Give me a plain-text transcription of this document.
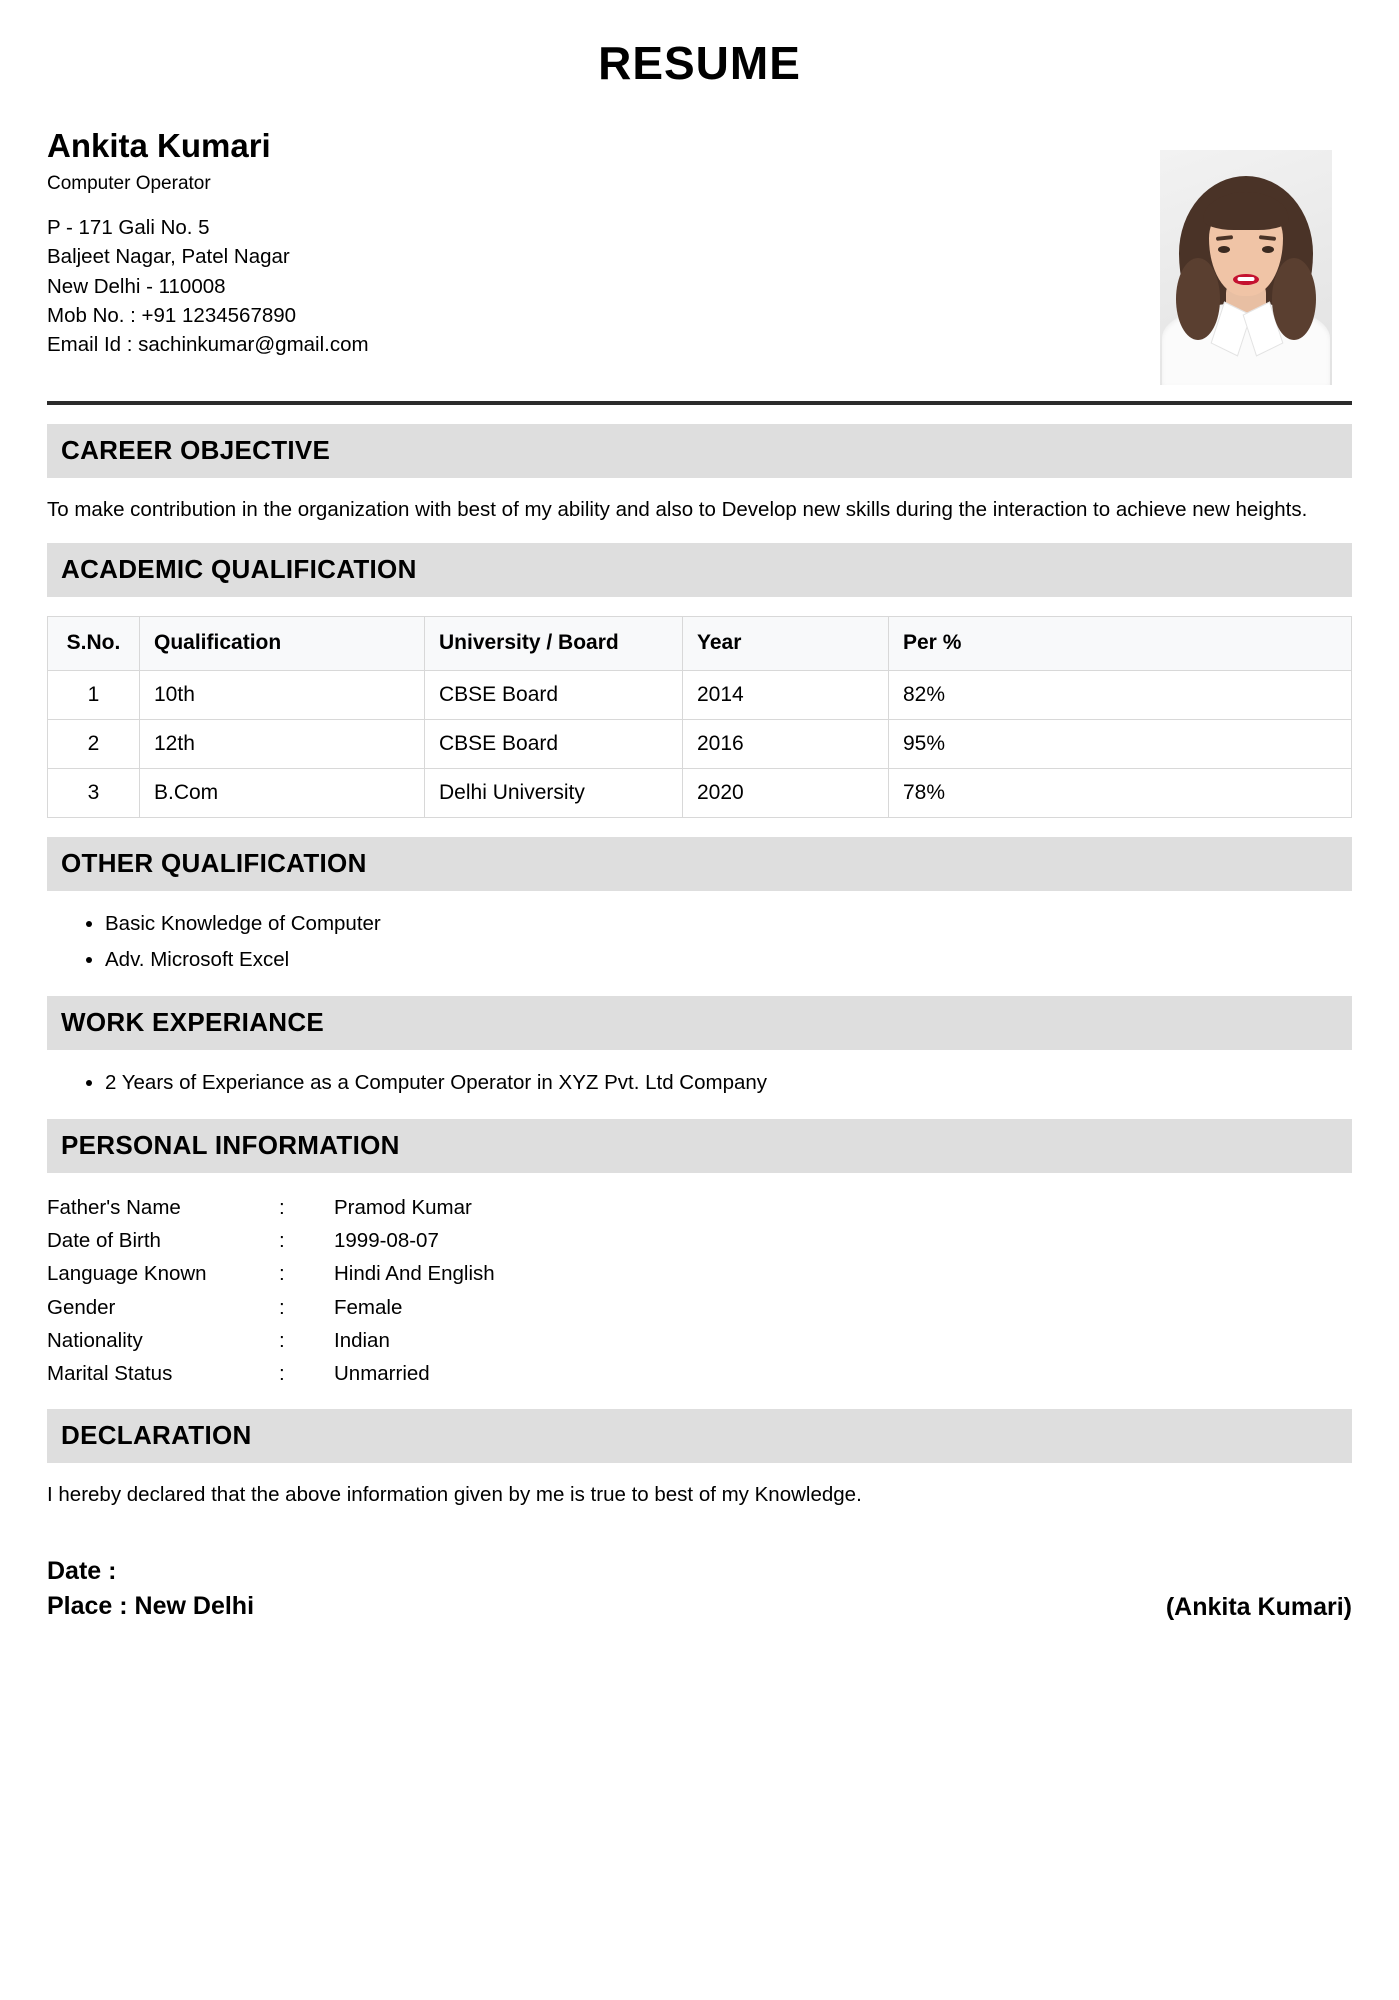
RESUME
Ankita Kumari
Computer Operator
P - 171 Gali No. 5
Baljeet Nagar, Patel Nagar
New Delhi - 110008
Mob No. : +91 1234567890
Email Id : sachinkumar@gmail.com
CAREER OBJECTIVE

To make contribution in the organization with best of my ability and also to Develop new skills during the interaction to achieve new heights.

ACADEMIC QUALIFICATION
S.No.	Qualification	University / Board	Year	Per %
1	10th	CBSE Board	2014	82%
2	12th	CBSE Board	2016	95%
3	B.Com	Delhi University	2020	78%
OTHER QUALIFICATION
• Basic Knowledge of Computer
• Adv. Microsoft Excel
WORK EXPERIANCE
• 2 Years of Experiance as a Computer Operator in XYZ Pvt. Ltd Company
PERSONAL INFORMATION
Father's Name	:	Pramod Kumar
Date of Birth	:	1999-08-07
Language Known	:	Hindi And English
Gender	:	Female
Nationality	:	Indian
Marital Status	:	Unmarried
DECLARATION

I hereby declared that the above information given by me is true to best of my Knowledge.

Date :
Place : New Delhi	(Ankita Kumari)
